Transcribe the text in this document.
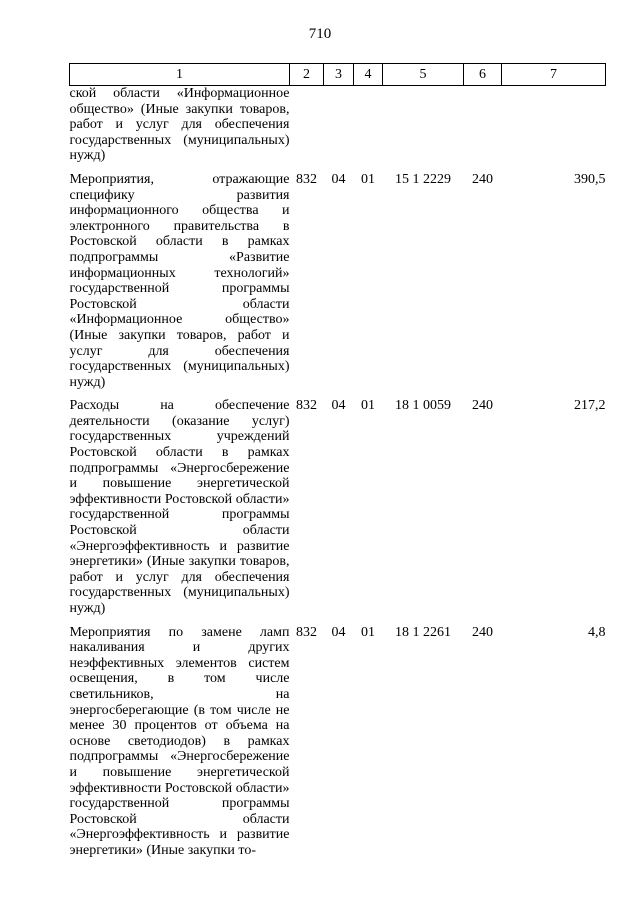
710
1	2	3	4	5	6	7
ской области «Информационное общество» (Иные закупки товаров, работ и услуг для обеспечения государственных (муниципальных) нужд)						

Мероприятия, отражающие специфику развития информационного общества и электронного правительства в Ростовской области в рамках подпрограммы «Развитие информационных технологий» государственной программы Ростовской области «Информационное общество» (Иные закупки товаров, работ и услуг для обеспечения государственных (муниципальных) нужд)	832	04	01	15 1 2229	240	390,5

Расходы на обеспечение деятельности (оказание услуг) государственных учреждений Ростовской области в рамках подпрограммы «Энергосбережение и повышение энергетической эффективности Ростовской области» государственной программы Ростовской области «Энергоэффективность и развитие энергетики» (Иные закупки товаров, работ и услуг для обеспечения государственных (муниципальных) нужд)	832	04	01	18 1 0059	240	217,2

Мероприятия по замене ламп накаливания и других неэффективных элементов систем освещения, в том числе светильников, на энергосберегающие (в том числе не менее 30 процентов от объема на основе светодиодов) в рамках подпрограммы «Энергосбережение и повышение энергетической эффективности Ростовской области» государственной программы Ростовской области «Энергоэффективность и развитие энергетики» (Иные закупки то-	832	04	01	18 1 2261	240	4,8
